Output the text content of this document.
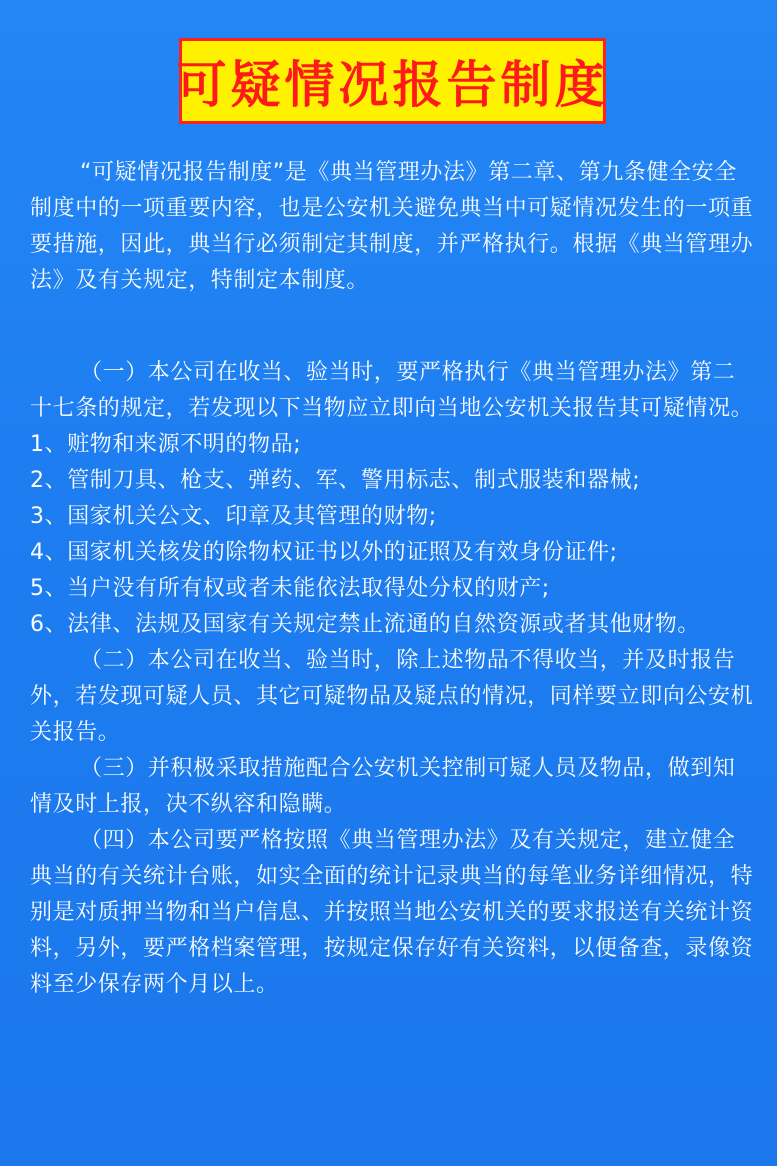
可疑情况报告制度

“可疑情况报告制度”是《典当管理办法》第二章、第九条健全安全制度中的一项重要内容，也是公安机关避免典当中可疑情况发生的一项重要措施，因此，典当行必须制定其制度，并严格执行。根据《典当管理办法》及有关规定，特制定本制度。

（一）本公司在收当、验当时，要严格执行《典当管理办法》第二十七条的规定，若发现以下当物应立即向当地公安机关报告其可疑情况。

1、赃物和来源不明的物品;

2、管制刀具、枪支、弹药、军、警用标志、制式服装和器械;

3、国家机关公文、印章及其管理的财物;

4、国家机关核发的除物权证书以外的证照及有效身份证件;

5、当户没有所有权或者未能依法取得处分权的财产;

6、法律、法规及国家有关规定禁止流通的自然资源或者其他财物。

（二）本公司在收当、验当时，除上述物品不得收当，并及时报告外，若发现可疑人员、其它可疑物品及疑点的情况，同样要立即向公安机关报告。

（三）并积极采取措施配合公安机关控制可疑人员及物品，做到知情及时上报，决不纵容和隐瞒。

（四）本公司要严格按照《典当管理办法》及有关规定，建立健全典当的有关统计台账，如实全面的统计记录典当的每笔业务详细情况，特别是对质押当物和当户信息、并按照当地公安机关的要求报送有关统计资料，另外，要严格档案管理，按规定保存好有关资料，以便备查，录像资料至少保存两个月以上。
